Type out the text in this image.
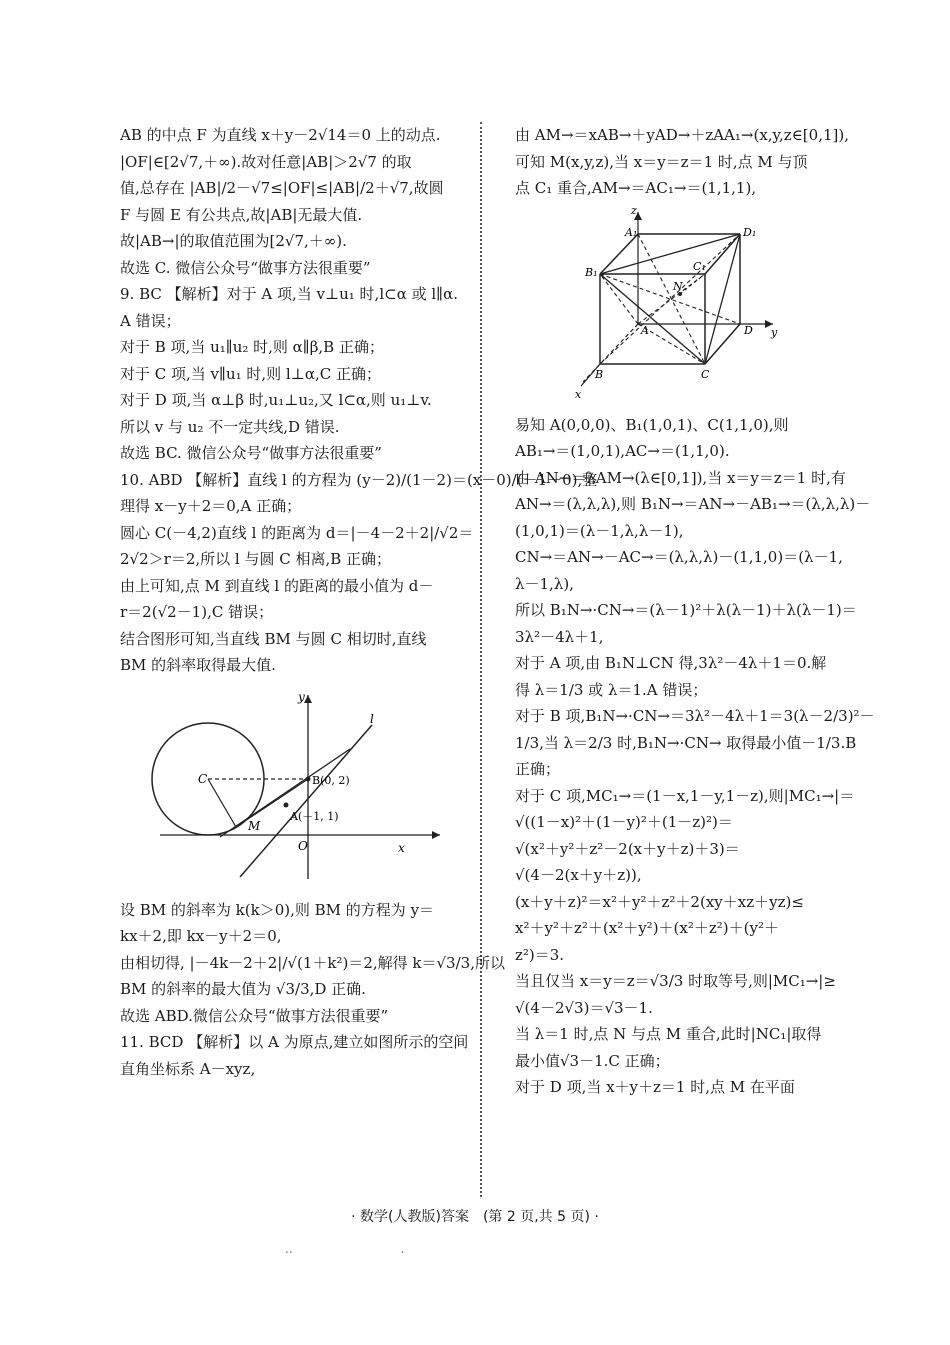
AB 的中点 F 为直线 x＋y－2√14＝0 上的动点.
|OF|∈[2√7,＋∞).故对任意|AB|＞2√7 的取
值,总存在 |AB|/2－√7≤|OF|≤|AB|/2＋√7,故圆
F 与圆 E 有公共点,故|AB|无最大值.
故|AB→|的取值范围为[2√7,＋∞).
故选 C. 微信公众号“做事方法很重要”
9. BC 【解析】对于 A 项,当 v⊥u₁ 时,l⊂α 或 l∥α.
A 错误；
对于 B 项,当 u₁∥u₂ 时,则 α∥β,B 正确；
对于 C 项,当 v∥u₁ 时,则 l⊥α,C 正确；
对于 D 项,当 α⊥β 时,u₁⊥u₂,又 l⊂α,则 u₁⊥v.
所以 v 与 u₂ 不一定共线,D 错误.
故选 BC. 微信公众号“做事方法很重要”
10. ABD 【解析】直线 l 的方程为 (y－2)/(1－2)＝(x－0)/(－1－0),整
理得 x－y＋2＝0,A 正确；
圆心 C(－4,2)直线 l 的距离为 d＝|－4－2＋2|/√2＝
2√2＞r＝2,所以 l 与圆 C 相离,B 正确；
由上可知,点 M 到直线 l 的距离的最小值为 d－
r＝2(√2－1),C 错误；
结合图形可知,当直线 BM 与圆 C 相切时,直线
BM 的斜率取得最大值.
y
x
l
C	B(0, 2)
A(－1, 1)
M
O
设 BM 的斜率为 k(k＞0),则 BM 的方程为 y＝
kx＋2,即 kx－y＋2＝0,
由相切得, |－4k－2＋2|/√(1＋k²)＝2,解得 k＝√3/3,所以
BM 的斜率的最大值为 √3/3,D 正确.
故选 ABD.微信公众号“做事方法很重要”
11. BCD 【解析】以 A 为原点,建立如图所示的空间
直角坐标系 A－xyz,
由 AM→＝xAB→＋yAD→＋zAA₁→(x,y,z∈[0,1]),
可知 M(x,y,z),当 x＝y＝z＝1 时,点 M 与顶
点 C₁ 重合,AM→＝AC₁→＝(1,1,1),
z
A₁	D₁
B₁	C₁
N
A	D y
B	C
x
易知 A(0,0,0)、B₁(1,0,1)、C(1,1,0),则
AB₁→＝(1,0,1),AC→＝(1,1,0).
由 AN→＝λAM→(λ∈[0,1]),当 x＝y＝z＝1 时,有
AN→＝(λ,λ,λ),则 B₁N→＝AN→－AB₁→＝(λ,λ,λ)－
(1,0,1)＝(λ－1,λ,λ－1),
CN→＝AN→－AC→＝(λ,λ,λ)－(1,1,0)＝(λ－1,
λ－1,λ),
所以 B₁N→·CN→＝(λ－1)²＋λ(λ－1)＋λ(λ－1)＝
3λ²－4λ＋1,
对于 A 项,由 B₁N⊥CN 得,3λ²－4λ＋1＝0.解
得 λ＝1/3 或 λ＝1.A 错误；
对于 B 项,B₁N→·CN→＝3λ²－4λ＋1＝3(λ－2/3)²－
1/3,当 λ＝2/3 时,B₁N→·CN→ 取得最小值－1/3.B
正确；
对于 C 项,MC₁→＝(1－x,1－y,1－z),则|MC₁→|＝
√((1－x)²＋(1－y)²＋(1－z)²)＝
√(x²＋y²＋z²－2(x＋y＋z)＋3)＝
√(4－2(x＋y＋z)),
(x＋y＋z)²＝x²＋y²＋z²＋2(xy＋xz＋yz)≤
x²＋y²＋z²＋(x²＋y²)＋(x²＋z²)＋(y²＋
z²)＝3.
当且仅当 x＝y＝z＝√3/3 时取等号,则|MC₁→|≥
√(4－2√3)＝√3－1.
当 λ＝1 时,点 N 与点 M 重合,此时|NC₁|取得
最小值√3－1.C 正确；
对于 D 项,当 x＋y＋z＝1 时,点 M 在平面
· 数学(人教版)答案　(第 2 页,共 5 页) ·
..　　　　　　　　　.
